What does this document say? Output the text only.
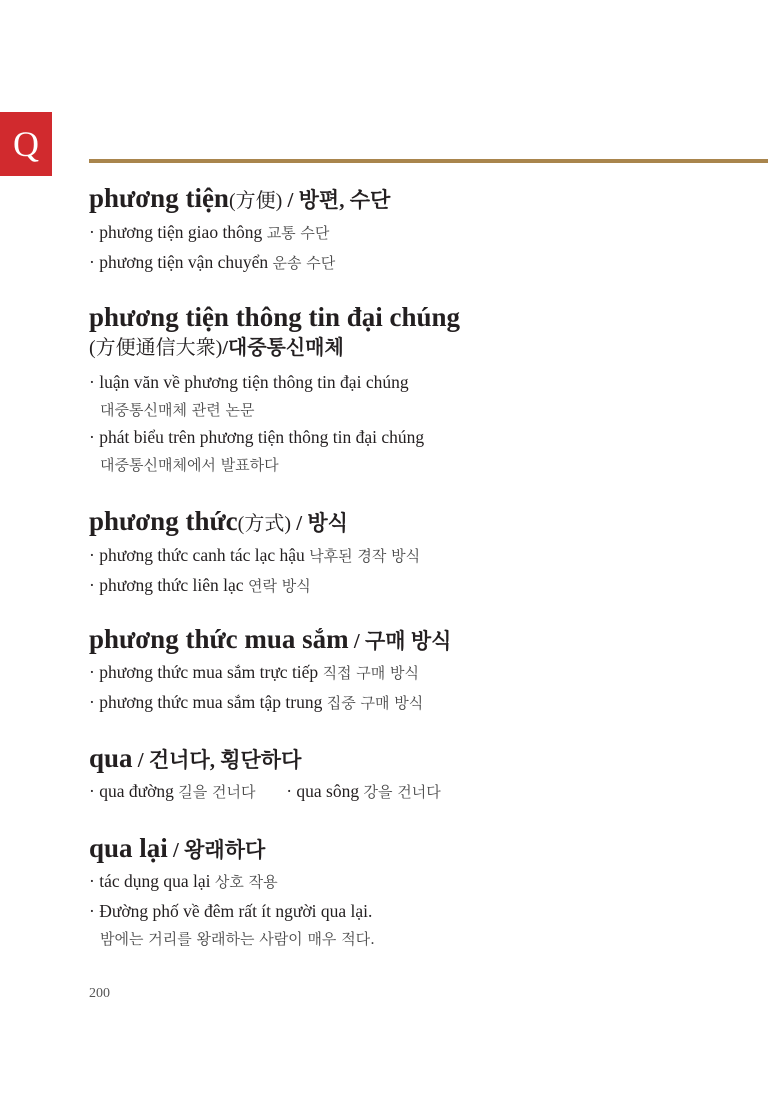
Q
phương tiện(方便) / 방편, 수단

· phương tiện giao thông 교통 수단

· phương tiện vận chuyển 운송 수단

phương tiện thông tin đại chúng
(方便通信大衆)/대중통신매체

· luận văn về phương tiện thông tin đại chúng
대중통신매체 관련 논문

· phát biểu trên phương tiện thông tin đại chúng
대중통신매체에서 발표하다

phương thức(方式) / 방식

· phương thức canh tác lạc hậu 낙후된 경작 방식

· phương thức liên lạc 연락 방식

phương thức mua sắm / 구매 방식

· phương thức mua sắm trực tiếp 직접 구매 방식

· phương thức mua sắm tập trung 집중 구매 방식

qua / 건너다, 횡단하다

· qua đường 길을 건너다 · qua sông 강을 건너다

qua lại / 왕래하다

· tác dụng qua lại 상호 작용

· Đường phố về đêm rất ít người qua lại.
밤에는 거리를 왕래하는 사람이 매우 적다.

200
